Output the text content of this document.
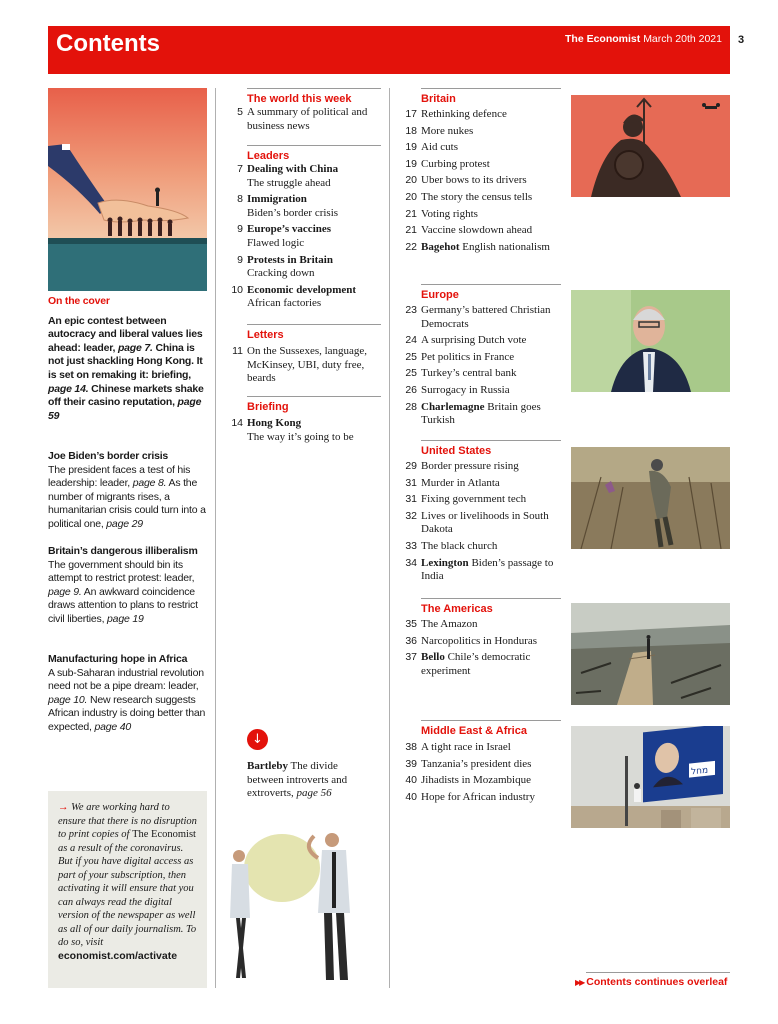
Contents	The Economist March 20th 2021 3
On the cover
An epic contest between autocracy and liberal values lies ahead: leader, page 7. China is not just shackling Hong Kong. It is set on remaking it: briefing, page 14. Chinese markets shake off their casino reputation, page 59
Joe Biden’s border crisis
The president faces a test of his leadership: leader, page 8. As the number of migrants rises, a humanitarian crisis could turn into a political one, page 29
Britain’s dangerous illiberalism
The government should bin its attempt to restrict protest: leader, page 9. An awkward coincidence draws attention to plans to restrict civil liberties, page 19
Manufacturing hope in Africa
A sub-Saharan industrial revolution need not be a pipe dream: leader, page 10. New research suggests African industry is doing better than expected, page 40
→ We are working hard to ensure that there is no disruption to print copies of The Economist as a result of the coronavirus. But if you have digital access as part of your subscription, then activating it will ensure that you can always read the digital version of the newspaper as well as all of our daily journalism. To do so, visit economist.com/activate
The world this week
5 A summary of political and business news
Leaders
7 Dealing with China
The struggle ahead
8 Immigration
Biden’s border crisis
9 Europe’s vaccines
Flawed logic
9 Protests in Britain
Cracking down
10 Economic development
African factories
Letters
11 On the Sussexes, language, McKinsey, UBI, duty free, beards
Briefing
14 Hong Kong
The way it’s going to be
↓
Bartleby The divide between introverts and extroverts, page 56
Britain
17 Rethinking defence
18 More nukes
19 Aid cuts
19 Curbing protest
20 Uber bows to its drivers
20 The story the census tells
21 Voting rights
21 Vaccine slowdown ahead
22 Bagehot English nationalism
Europe
23 Germany’s battered Christian Democrats
24 A surprising Dutch vote
25 Pet politics in France
25 Turkey’s central bank
26 Surrogacy in Russia
28 Charlemagne Britain goes Turkish
United States
29 Border pressure rising
31 Murder in Atlanta
31 Fixing government tech
32 Lives or livelihoods in South Dakota
33 The black church
34 Lexington Biden’s passage to India
The Americas
35 The Amazon
36 Narcopolitics in Honduras
37 Bello Chile’s democratic experiment
Middle East & Africa
38 A tight race in Israel
39 Tanzania’s president dies
40 Jihadists in Mozambique
40 Hope for African industry
מחל
▶▶ Contents continues overleaf
